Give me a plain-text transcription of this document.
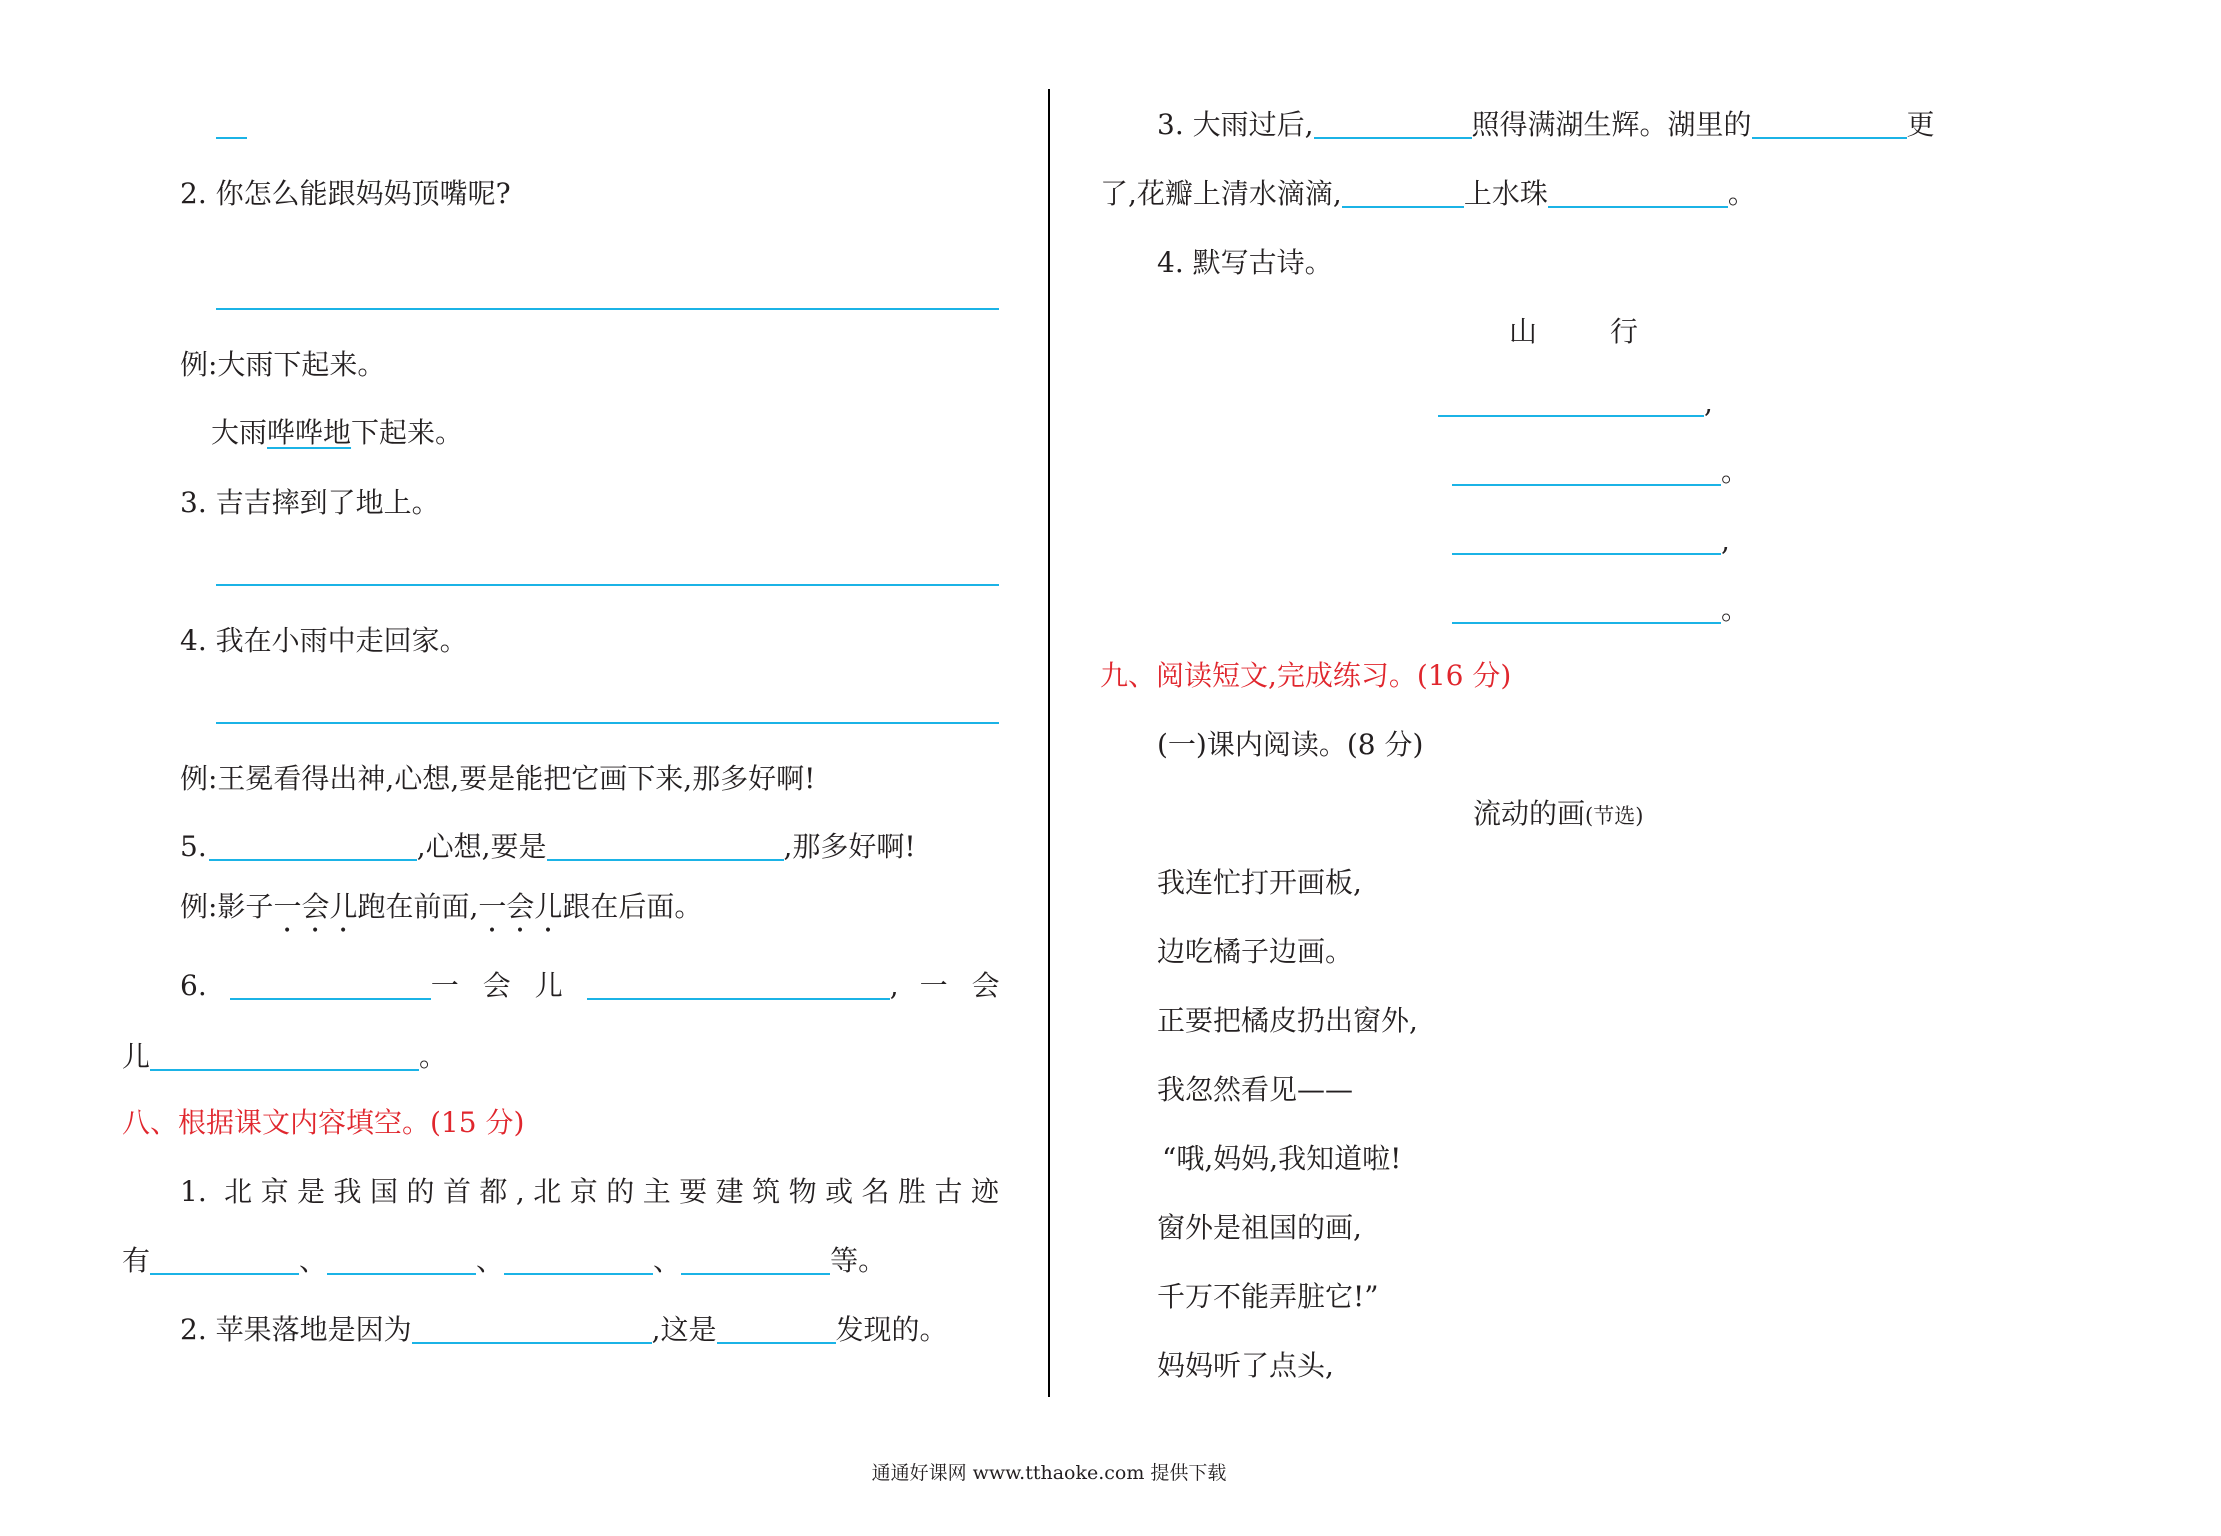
2. 你怎么能跟妈妈顶嘴呢?
例:大雨下起来。
大雨哗哗地下起来。
3. 吉吉摔到了地上。
4. 我在小雨中走回家。
例:王冕看得出神,心想,要是能把它画下来,那多好啊!
5.	,心想,要是	,那多好啊!
例:影子一会儿跑在前面,一会儿跟在后面。
6.	一会儿	, 一会
儿	。
八、根据课文内容填空。(15 分)
1. 北京是我国的首都,北京的主要建筑物或名胜古迹
有	、	、	、	等。
2. 苹果落地是因为	,这是	发现的。
3. 大雨过后,	照得满湖生辉。湖里的	更
了,花瓣上清水滴滴,	上水珠	。
4. 默写古诗。
山行
,
。
,
。
九、阅读短文,完成练习。(16 分)
(一)课内阅读。(8 分)
流动的画(节选)
我连忙打开画板,
边吃橘子边画。
正要把橘皮扔出窗外,
我忽然看见——
“哦,妈妈,我知道啦!
窗外是祖国的画,
千万不能弄脏它!”
妈妈听了点头,
通通好课网 www.tthaoke.com 提供下载
